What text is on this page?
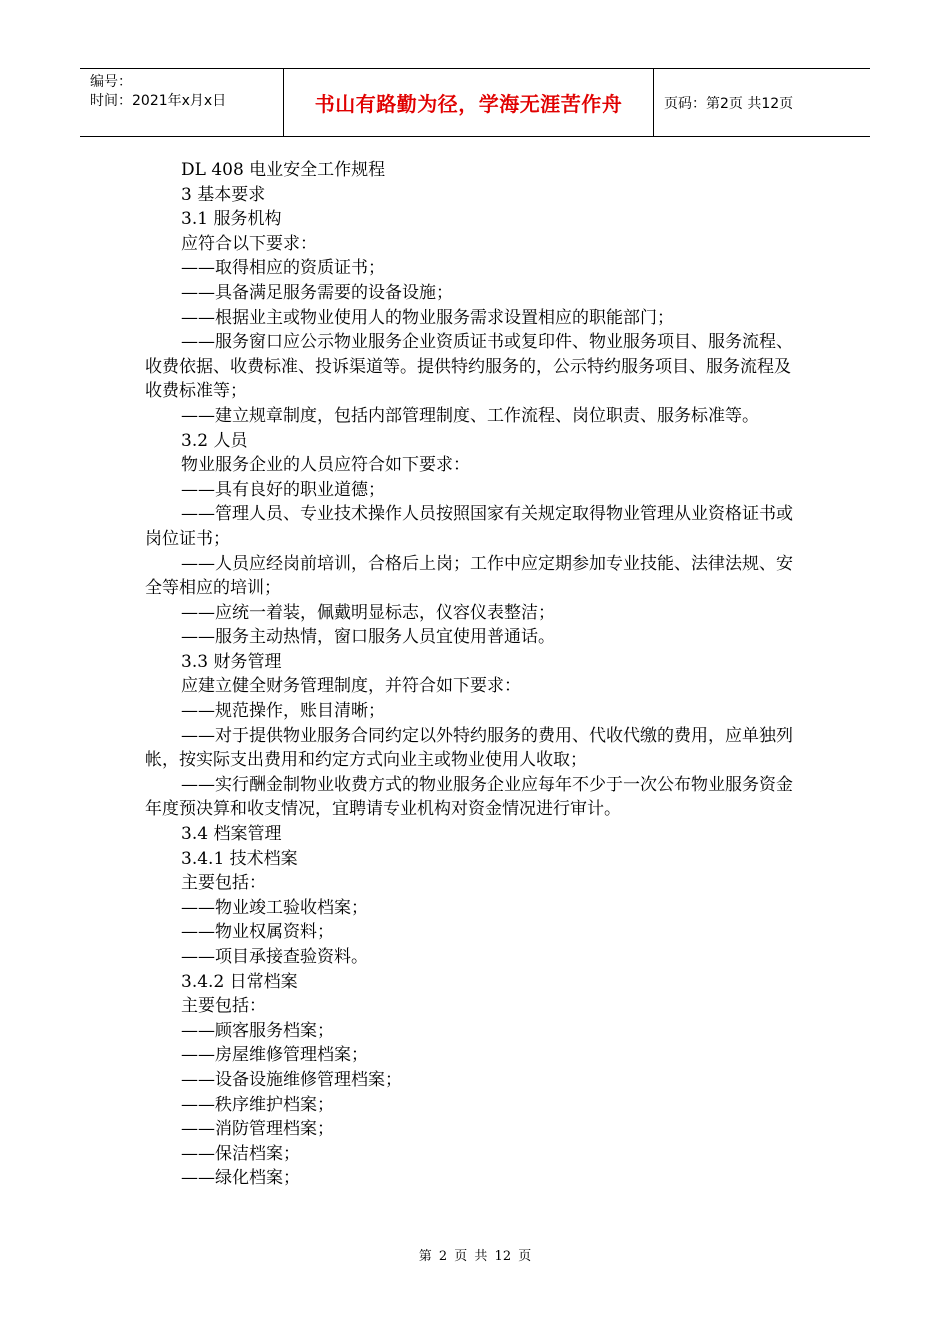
编号：
时间：2021年x月x日	书山有路勤为径，学海无涯苦作舟	页码：第2页 共12页

DL 408 电业安全工作规程

3 基本要求

3.1 服务机构

应符合以下要求：

——取得相应的资质证书；

——具备满足服务需要的设备设施；

——根据业主或物业使用人的物业服务需求设置相应的职能部门；

——服务窗口应公示物业服务企业资质证书或复印件、物业服务项目、服务流程、收费依据、收费标准、投诉渠道等。提供特约服务的，公示特约服务项目、服务流程及收费标准等；

——建立规章制度，包括内部管理制度、工作流程、岗位职责、服务标准等。

3.2 人员

物业服务企业的人员应符合如下要求：

——具有良好的职业道德；

——管理人员、专业技术操作人员按照国家有关规定取得物业管理从业资格证书或岗位证书；

——人员应经岗前培训，合格后上岗；工作中应定期参加专业技能、法律法规、安全等相应的培训；

——应统一着装，佩戴明显标志，仪容仪表整洁；

——服务主动热情，窗口服务人员宜使用普通话。

3.3 财务管理

应建立健全财务管理制度，并符合如下要求：

——规范操作，账目清晰；

——对于提供物业服务合同约定以外特约服务的费用、代收代缴的费用，应单独列帐，按实际支出费用和约定方式向业主或物业使用人收取；

——实行酬金制物业收费方式的物业服务企业应每年不少于一次公布物业服务资金年度预决算和收支情况，宜聘请专业机构对资金情况进行审计。

3.4 档案管理

3.4.1 技术档案

主要包括：

——物业竣工验收档案；

——物业权属资料；

——项目承接查验资料。

3.4.2 日常档案

主要包括：

——顾客服务档案；

——房屋维修管理档案；

——设备设施维修管理档案；

——秩序维护档案；

——消防管理档案；

——保洁档案；

——绿化档案；

第 2 页 共 12 页
